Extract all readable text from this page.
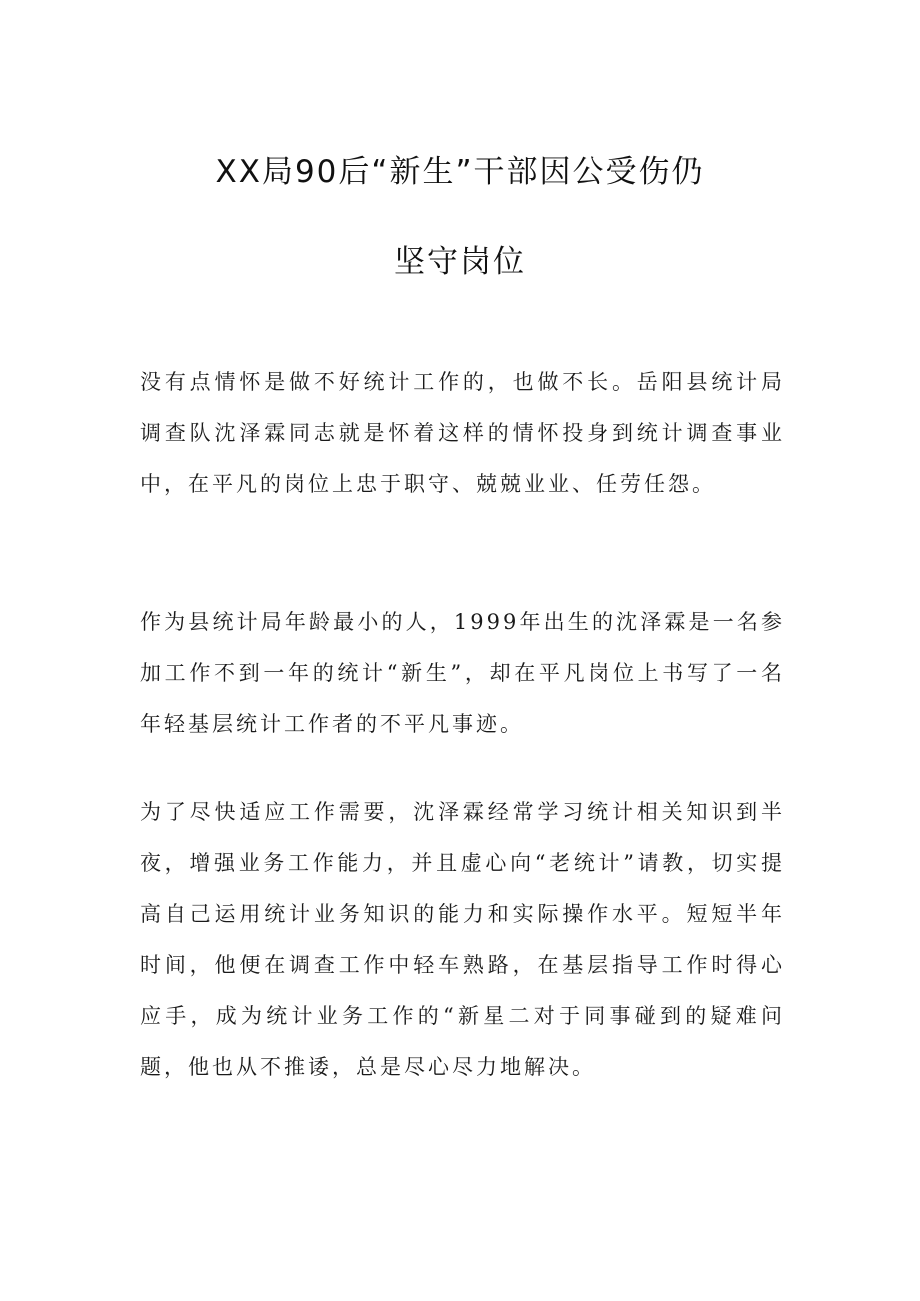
XX局90后“新生”干部因公受伤仍
坚守岗位

没有点情怀是做不好统计工作的，也做不长。岳阳县统计局调查队沈泽霖同志就是怀着这样的情怀投身到统计调查事业中，在平凡的岗位上忠于职守、兢兢业业、任劳任怨。

作为县统计局年龄最小的人，1999年出生的沈泽霖是一名参加工作不到一年的统计“新生”，却在平凡岗位上书写了一名年轻基层统计工作者的不平凡事迹。

为了尽快适应工作需要，沈泽霖经常学习统计相关知识到半夜，增强业务工作能力，并且虚心向“老统计”请教，切实提高自己运用统计业务知识的能力和实际操作水平。短短半年时间，他便在调查工作中轻车熟路，在基层指导工作时得心应手，成为统计业务工作的“新星二对于同事碰到的疑难问题，他也从不推诿，总是尽心尽力地解决。
